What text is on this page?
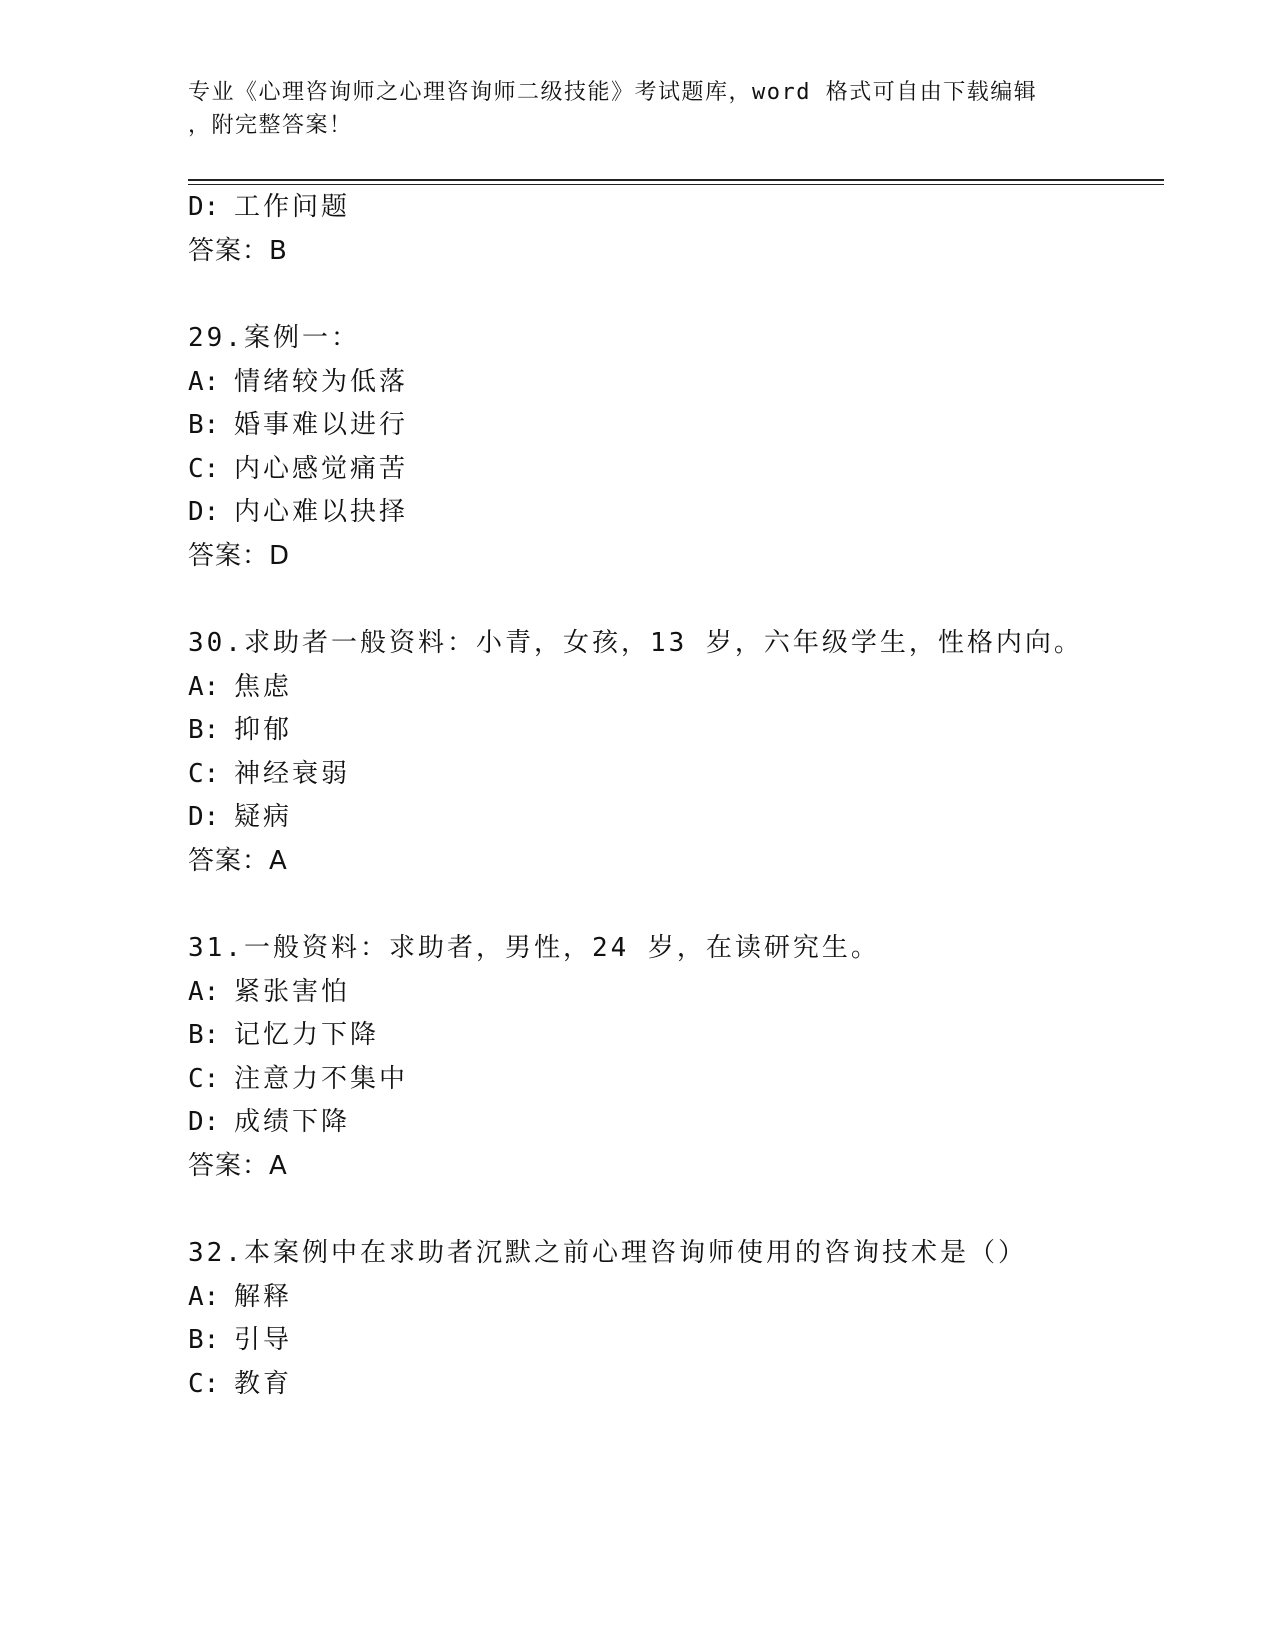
专业《心理咨询师之心理咨询师二级技能》考试题库，word 格式可自由下载编辑
，附完整答案！
D: 工作问题
答案：B
29.案例一：
A: 情绪较为低落
B: 婚事难以进行
C: 内心感觉痛苦
D: 内心难以抉择
答案：D
30.求助者一般资料：小青，女孩，13 岁，六年级学生，性格内向。
A: 焦虑
B: 抑郁
C: 神经衰弱
D: 疑病
答案：A
31.一般资料：求助者，男性，24 岁，在读研究生。
A: 紧张害怕
B: 记忆力下降
C: 注意力不集中
D: 成绩下降
答案：A
32.本案例中在求助者沉默之前心理咨询师使用的咨询技术是（）
A: 解释
B: 引导
C: 教育
